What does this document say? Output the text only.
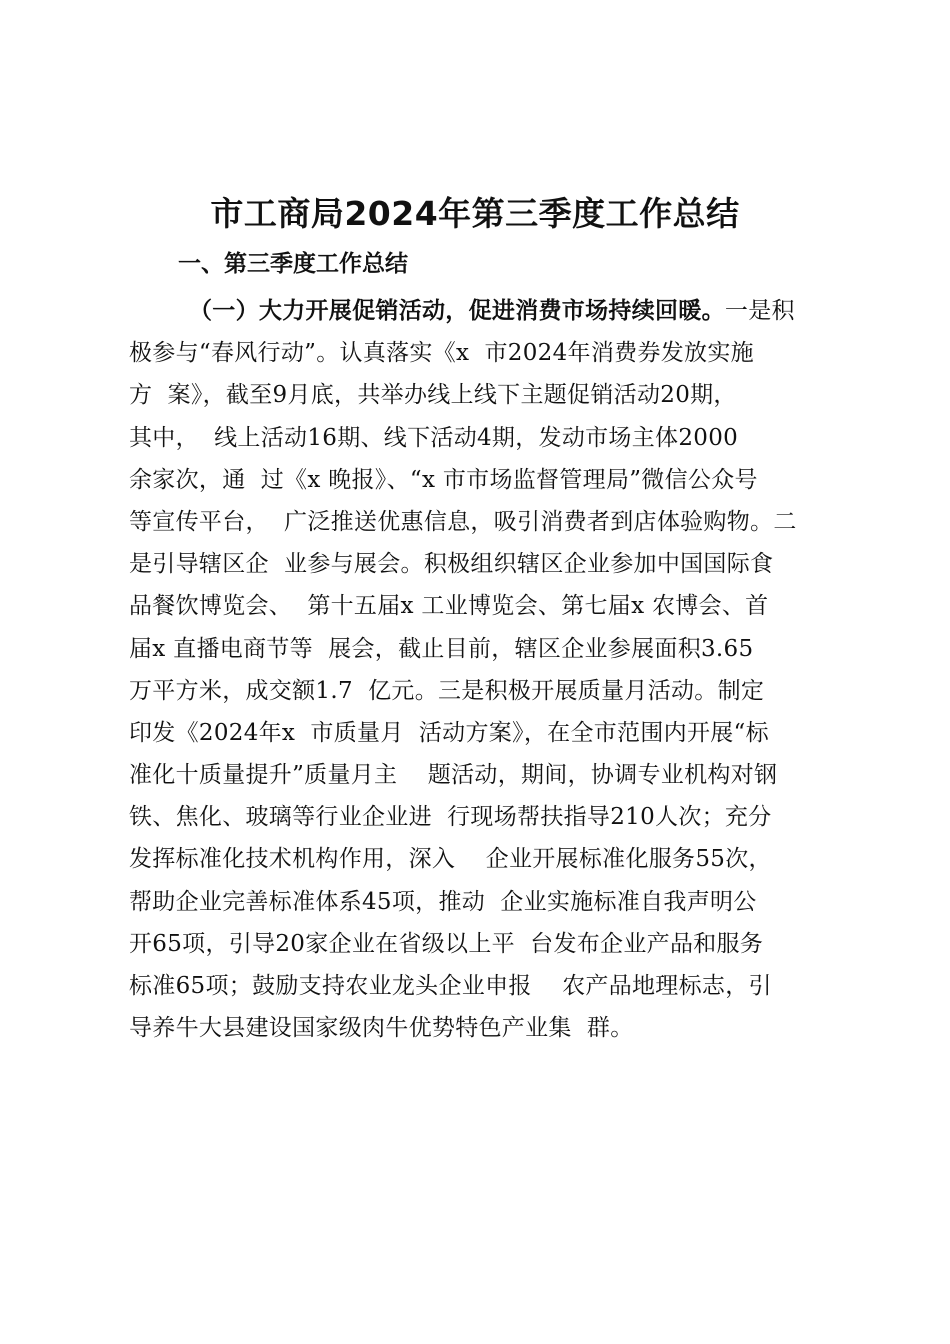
市工商局2024年第三季度工作总结
一、第三季度工作总结
（一）大力开展促销活动，促进消费市场持续回暖。一是积
极参与“春风行动”。认真落实《x  市2024年消费券发放实施
方  案》，截至9月底，共举办线上线下主题促销活动20期，
其中，  线上活动16期、线下活动4期，发动市场主体2000
余家次，通  过《x 晚报》、“x 市市场监督管理局”微信公众号
等宣传平台，  广泛推送优惠信息，吸引消费者到店体验购物。二
是引导辖区企  业参与展会。积极组织辖区企业参加中国国际食
品餐饮博览会、  第十五届x 工业博览会、第七届x 农博会、首
届x 直播电商节等  展会，截止目前，辖区企业参展面积3.65
万平方米，成交额1.7  亿元。三是积极开展质量月活动。制定
印发《2024年x  市质量月  活动方案》，在全市范围内开展“标
准化十质量提升”质量月主    题活动，期间，协调专业机构对钢
铁、焦化、玻璃等行业企业进  行现场帮扶指导210人次；充分
发挥标准化技术机构作用，深入    企业开展标准化服务55次，
帮助企业完善标准体系45项，推动  企业实施标准自我声明公
开65项，引导20家企业在省级以上平  台发布企业产品和服务
标准65项；鼓励支持农业龙头企业申报    农产品地理标志，引
导养牛大县建设国家级肉牛优势特色产业集  群。
